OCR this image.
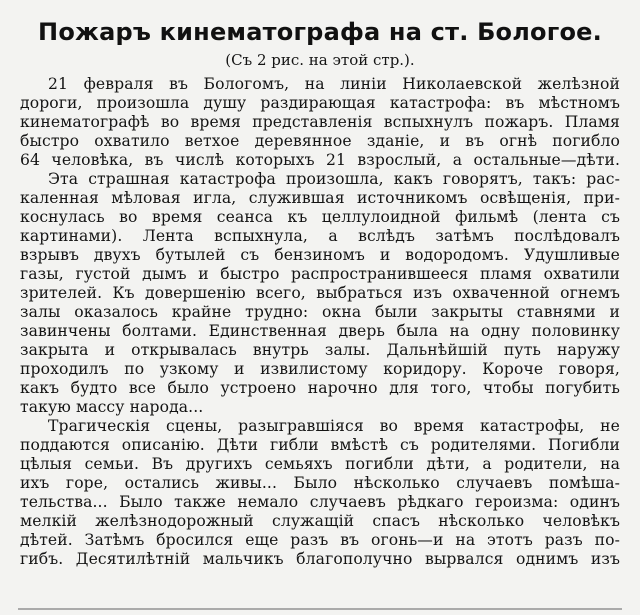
Пожаръ кинематографа на ст. Бологое.
(Съ 2 рис. на этой стр.).
21 февраля въ Бологомъ, на линіи Николаевской желѣзной
дороги, произошла душу раздирающая катастрофа: въ мѣстномъ
кинематографѣ во время представленія вспыхнулъ пожаръ. Пламя
быстро охватило ветхое деревянное зданіе, и въ огнѣ погибло
64 человѣка, въ числѣ которыхъ 21 взрослый, а остальные—дѣти.
Эта страшная катастрофа произошла, какъ говорятъ, такъ: рас-
каленная мѣловая игла, служившая источникомъ освѣщенія, при-
коснулась во время сеанса къ целлулоидной фильмѣ (лента съ
картинами). Лента вспыхнула, а вслѣдъ затѣмъ послѣдовалъ
взрывъ двухъ бутылей съ бензиномъ и водородомъ. Удушливые
газы, густой дымъ и быстро распространившееся пламя охватили
зрителей. Къ довершенію всего, выбраться изъ охваченной огнемъ
залы оказалось крайне трудно: окна были закрыты ставнями и
завинчены болтами. Единственная дверь была на одну половинку
закрыта и открывалась внутрь залы. Дальнѣйшій путь наружу
проходилъ по узкому и извилистому коридору. Короче говоря,
какъ будто все было устроено нарочно для того, чтобы погубить
такую массу народа...
Трагическія сцены, разыгравшіяся во время катастрофы, не
поддаются описанію. Дѣти гибли вмѣстѣ съ родителями. Погибли
цѣлыя семьи. Въ другихъ семьяхъ погибли дѣти, а родители, на
ихъ горе, остались живы... Было нѣсколько случаевъ помѣша-
тельства... Было также немало случаевъ рѣдкаго героизма: одинъ
мелкій желѣзнодорожный служащій спасъ нѣсколько человѣкъ
дѣтей. Затѣмъ бросился еще разъ въ огонь—и на этотъ разъ по-
гибъ. Десятилѣтній мальчикъ благополучно вырвался однимъ изъ
